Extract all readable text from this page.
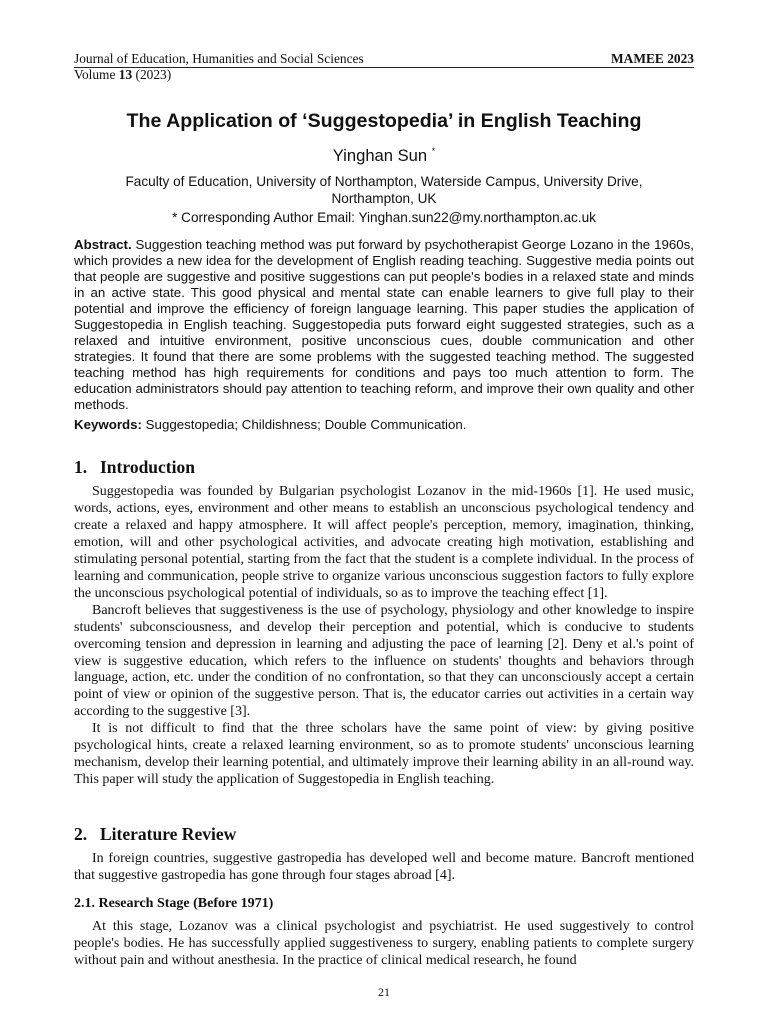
Journal of Education, Humanities and Social Sciences
Volume 13 (2023)
MAMEE 2023
The Application of ‘Suggestopedia’ in English Teaching
Yinghan Sun *
Faculty of Education, University of Northampton, Waterside Campus, University Drive, Northampton, UK
* Corresponding Author Email: Yinghan.sun22@my.northampton.ac.uk
Abstract. Suggestion teaching method was put forward by psychotherapist George Lozano in the 1960s, which provides a new idea for the development of English reading teaching. Suggestive media points out that people are suggestive and positive suggestions can put people's bodies in a relaxed state and minds in an active state. This good physical and mental state can enable learners to give full play to their potential and improve the efficiency of foreign language learning. This paper studies the application of Suggestopedia in English teaching. Suggestopedia puts forward eight suggested strategies, such as a relaxed and intuitive environment, positive unconscious cues, double communication and other strategies. It found that there are some problems with the suggested teaching method. The suggested teaching method has high requirements for conditions and pays too much attention to form. The education administrators should pay attention to teaching reform, and improve their own quality and other methods.
Keywords: Suggestopedia; Childishness; Double Communication.
1. Introduction

Suggestopedia was founded by Bulgarian psychologist Lozanov in the mid-1960s [1]. He used music, words, actions, eyes, environment and other means to establish an unconscious psychological tendency and create a relaxed and happy atmosphere. It will affect people's perception, memory, imagination, thinking, emotion, will and other psychological activities, and advocate creating high motivation, establishing and stimulating personal potential, starting from the fact that the student is a complete individual. In the process of learning and communication, people strive to organize various unconscious suggestion factors to fully explore the unconscious psychological potential of individuals, so as to improve the teaching effect [1].

Bancroft believes that suggestiveness is the use of psychology, physiology and other knowledge to inspire students' subconsciousness, and develop their perception and potential, which is conducive to students overcoming tension and depression in learning and adjusting the pace of learning [2]. Deny et al.'s point of view is suggestive education, which refers to the influence on students' thoughts and behaviors through language, action, etc. under the condition of no confrontation, so that they can unconsciously accept a certain point of view or opinion of the suggestive person. That is, the educator carries out activities in a certain way according to the suggestive [3].

It is not difficult to find that the three scholars have the same point of view: by giving positive psychological hints, create a relaxed learning environment, so as to promote students' unconscious learning mechanism, develop their learning potential, and ultimately improve their learning ability in an all-round way. This paper will study the application of Suggestopedia in English teaching.

2. Literature Review

In foreign countries, suggestive gastropedia has developed well and become mature. Bancroft mentioned that suggestive gastropedia has gone through four stages abroad [4].

2.1. Research Stage (Before 1971)

At this stage, Lozanov was a clinical psychologist and psychiatrist. He used suggestively to control people's bodies. He has successfully applied suggestiveness to surgery, enabling patients to complete surgery without pain and without anesthesia. In the practice of clinical medical research, he found

21
